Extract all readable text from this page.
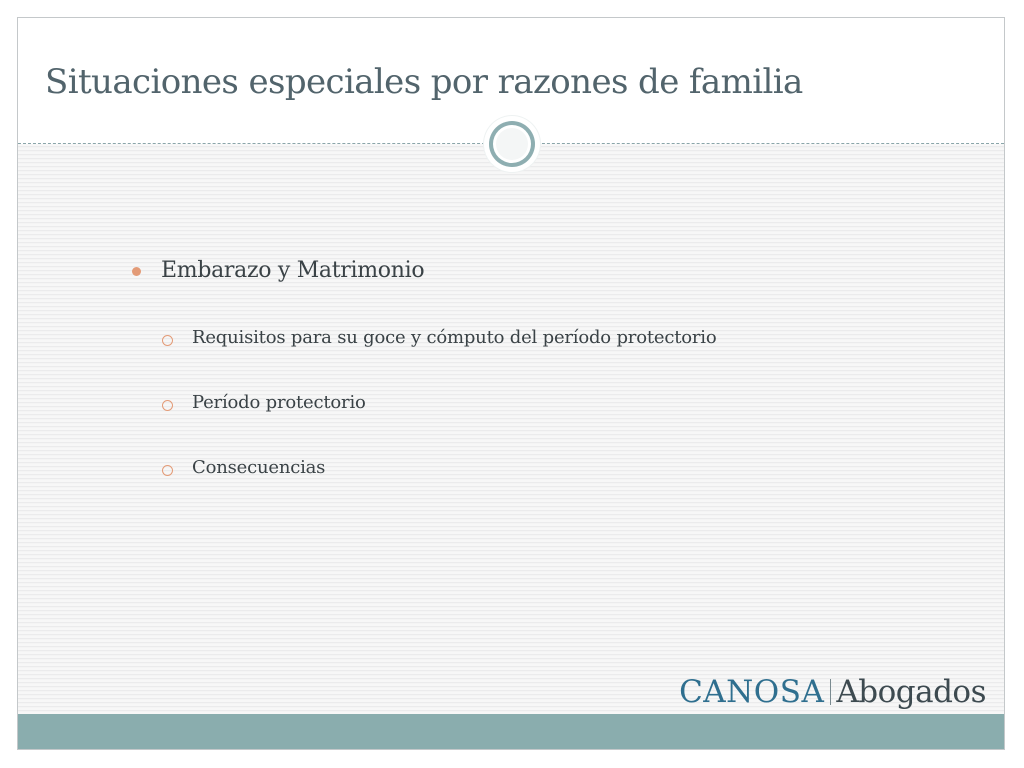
Situaciones especiales por razones de familia
Embarazo y Matrimonio
Requisitos para su goce y cómputo del período protectorio
Período protectorio
Consecuencias
CANOSA Abogados
